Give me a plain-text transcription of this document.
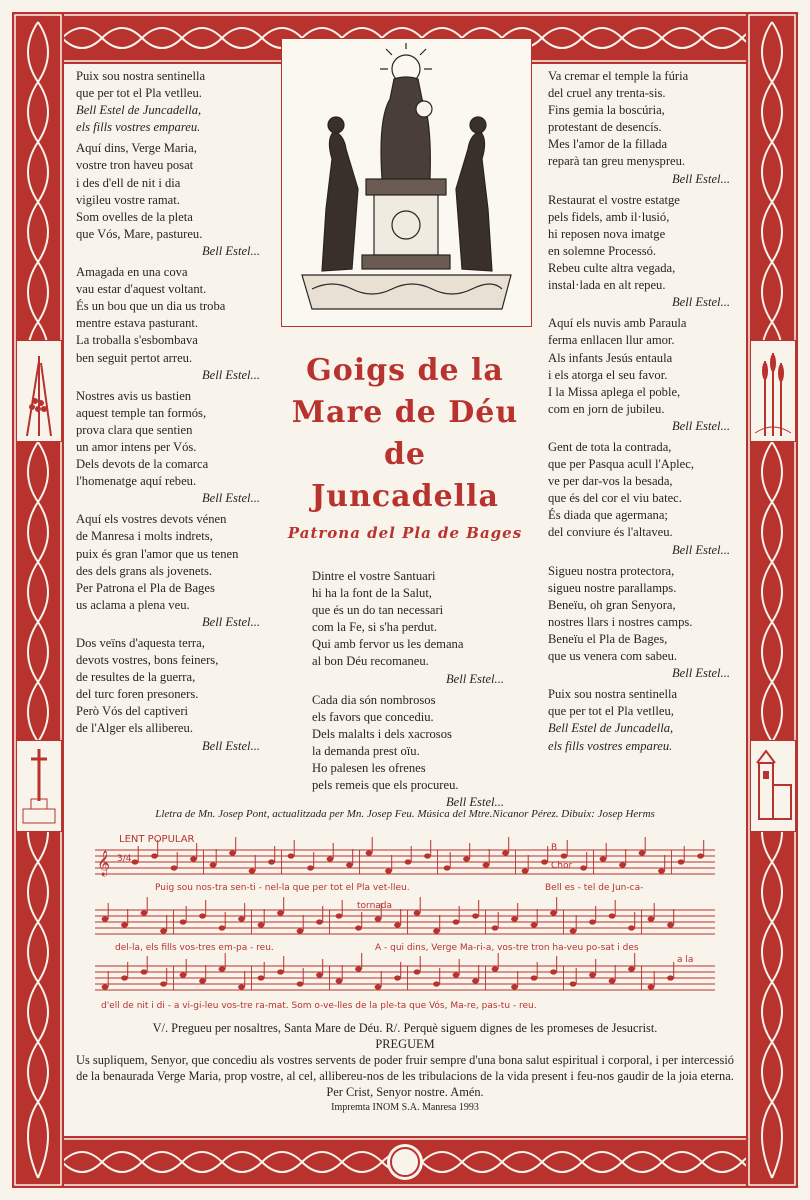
Puix sou nostra sentinella

que per tot el Pla vetlleu.

Bell Estel de Juncadella,

els fills vostres empareu.

Aquí dins, Verge Maria,

vostre tron haveu posat

i des d'ell de nit i dia

vigileu vostre ramat.

Som ovelles de la pleta

que Vós, Mare, pastureu.

Bell Estel...

Amagada en una cova

vau estar d'aquest voltant.

És un bou que un dia us troba

mentre estava pasturant.

La troballa s'esbombava

ben seguit pertot arreu.

Bell Estel...

Nostres avis us bastien

aquest temple tan formós,

prova clara que sentien

un amor intens per Vós.

Dels devots de la comarca

l'homenatge aquí rebeu.

Bell Estel...

Aquí els vostres devots vénen

de Manresa i molts indrets,

puix és gran l'amor que us tenen

des dels grans als jovenets.

Per Patrona el Pla de Bages

us aclama a plena veu.

Bell Estel...

Dos veïns d'aquesta terra,

devots vostres, bons feiners,

de resultes de la guerra,

del turc foren presoners.

Però Vós del captiveri

de l'Alger els allibereu.

Bell Estel...

Va cremar el temple la fúria

del cruel any trenta-sis.

Fins gemia la boscúria,

protestant de desencís.

Mes l'amor de la fillada

reparà tan greu menyspreu.

Bell Estel...

Restaurat el vostre estatge

pels fidels, amb il·lusió,

hi reposen nova imatge

en solemne Processó.

Rebeu culte altra vegada,

instal·lada en alt repeu.

Bell Estel...

Aquí els nuvis amb Paraula

ferma enllacen llur amor.

Als infants Jesús entaula

i els atorga el seu favor.

I la Missa aplega el poble,

com en jorn de jubileu.

Bell Estel...

Gent de tota la contrada,

que per Pasqua acull l'Aplec,

ve per dar-vos la besada,

que és del cor el viu batec.

És diada que agermana;

del conviure és l'altaveu.

Bell Estel...

Sigueu nostra protectora,

sigueu nostre parallamps.

Beneïu, oh gran Senyora,

nostres llars i nostres camps.

Beneïu el Pla de Bages,

que us venera com sabeu.

Bell Estel...

Puix sou nostra sentinella

que per tot el Pla vetlleu,

Bell Estel de Juncadella,

els fills vostres empareu.

Dintre el vostre Santuari

hi ha la font de la Salut,

que és un do tan necessari

com la Fe, si s'ha perdut.

Qui amb fervor us les demana

al bon Déu recomaneu.

Bell Estel...

Cada dia són nombrosos

els favors que concediu.

Dels malalts i dels xacrosos

la demanda prest oïu.

Ho palesen les ofrenes

pels remeis que els procureu.

Bell Estel...

Goigs de la
Mare de Déu
de
Juncadella
Patrona del Pla de Bages
Lletra de Mn. Josep Pont, actualitzada per Mn. Josep Feu. Música del Mtre.Nicanor Pérez. Dibuix: Josep Herms
𝄞 3/4
LENT POPULAR
B
Chor
tornada
a la
Puig sou nos-tra sen-ti - nel-la que per tot el Pla vet-lleu.	Bell es - tel de Jun-ca-
del-la, els fills vos-tres em-pa - reu.	A - qui dins, Verge Ma-ri-a, vos-tre tron ha-veu po-sat i des
d'ell de nit i di - a vi-gi-leu vos-tre ra-mat. Som o-ve-lles de la ple-ta que Vós, Ma-re, pas-tu - reu.

V/. Pregueu per nosaltres, Santa Mare de Déu. R/. Perquè siguem dignes de les promeses de Jesucrist.

PREGUEM

Us supliquem, Senyor, que concediu als vostres servents de poder fruir sempre d'una bona salut espiritual i corporal, i per intercessió

de la benaurada Verge Maria, prop vostre, al cel, allibereu-nos de les tribulacions de la vida present i feu-nos gaudir de la joia eterna.

Per Crist, Senyor nostre. Amén.

Impremta INOM S.A. Manresa 1993
